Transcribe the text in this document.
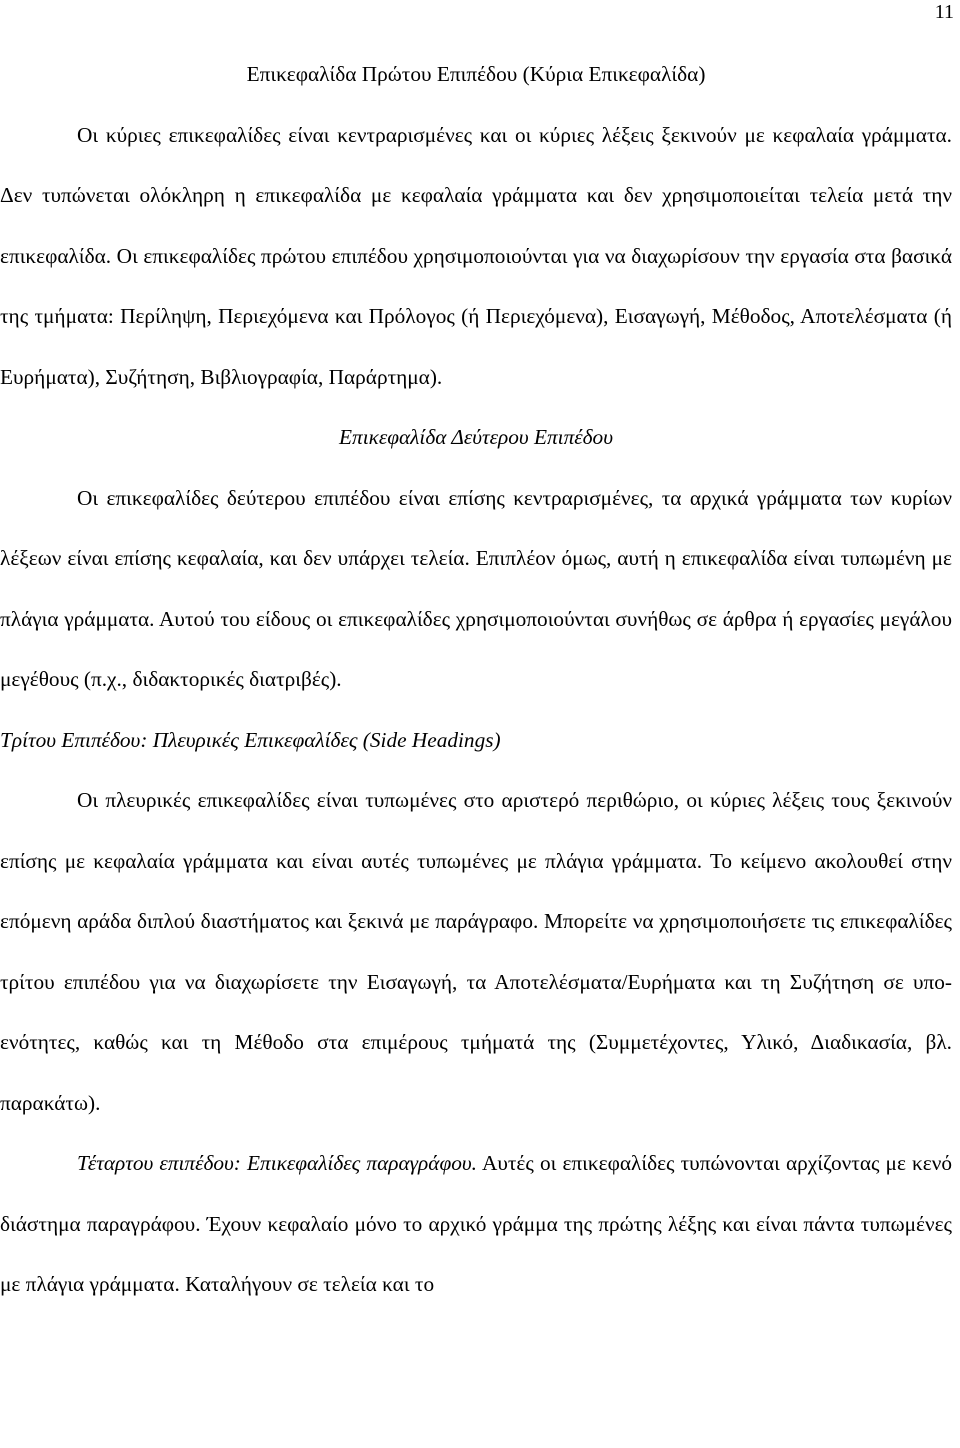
11

Επικεφαλίδα Πρώτου Επιπέδου (Κύρια Επικεφαλίδα)

Οι κύριες επικεφαλίδες είναι κεντραρισμένες και οι κύριες λέξεις ξεκινούν με κεφαλαία γράμματα. Δεν τυπώνεται ολόκληρη η επικεφαλίδα με κεφαλαία γράμματα και δεν χρησιμοποιείται τελεία μετά την επικεφαλίδα. Οι επικεφαλίδες πρώτου επιπέδου χρησιμοποιούνται για να διαχωρίσουν την εργασία στα βασικά της τμήματα: Περίληψη, Περιεχόμενα και Πρόλογος (ή Περιεχόμενα), Εισαγωγή, Μέθοδος, Αποτελέσματα (ή Ευρήματα), Συζήτηση, Βιβλιογραφία, Παράρτημα).

Επικεφαλίδα Δεύτερου Επιπέδου

Οι επικεφαλίδες δεύτερου επιπέδου είναι επίσης κεντραρισμένες, τα αρχικά γράμματα των κυρίων λέξεων είναι επίσης κεφαλαία, και δεν υπάρχει τελεία. Επιπλέον όμως, αυτή η επικεφαλίδα είναι τυπωμένη με πλάγια γράμματα. Αυτού του είδους οι επικεφαλίδες χρησιμοποιούνται συνήθως σε άρθρα ή εργασίες μεγάλου μεγέθους (π.χ., διδακτορικές διατριβές).

Τρίτου Επιπέδου: Πλευρικές Επικεφαλίδες (Side Headings)

Οι πλευρικές επικεφαλίδες είναι τυπωμένες στο αριστερό περιθώριο, οι κύριες λέξεις τους ξεκινούν επίσης με κεφαλαία γράμματα και είναι αυτές τυπωμένες με πλάγια γράμματα. Το κείμενο ακολουθεί στην επόμενη αράδα διπλού διαστήματος και ξεκινά με παράγραφο. Μπορείτε να χρησιμοποιήσετε τις επικεφαλίδες τρίτου επιπέδου για να διαχωρίσετε την Εισαγωγή, τα Αποτελέσματα/Ευρήματα και τη Συζήτηση σε υπο-ενότητες, καθώς και τη Μέθοδο στα επιμέρους τμήματά της (Συμμετέχοντες, Υλικό, Διαδικασία, βλ. παρακάτω).

Τέταρτου επιπέδου: Επικεφαλίδες παραγράφου. Αυτές οι επικεφαλίδες τυπώνονται αρχίζοντας με κενό διάστημα παραγράφου. Έχουν κεφαλαίο μόνο το αρχικό γράμμα της πρώτης λέξης και είναι πάντα τυπωμένες με πλάγια γράμματα. Καταλήγουν σε τελεία και το
